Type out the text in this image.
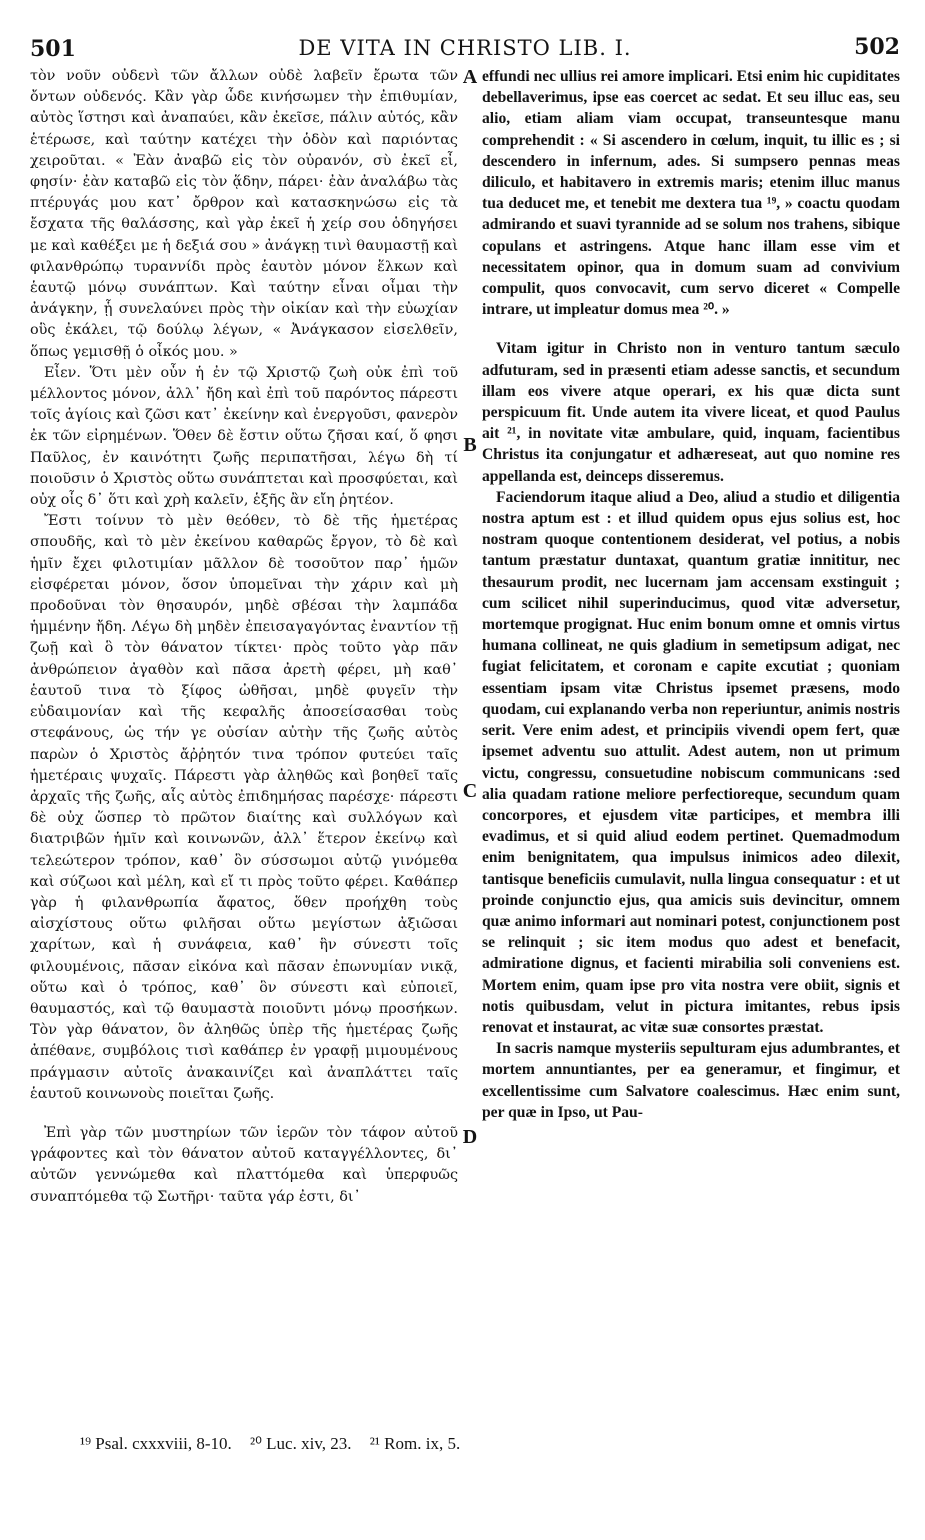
501	DE VITA IN CHRISTO LIB. I.	502

τὸν νοῦν οὐδενὶ τῶν ἄλλων οὐδὲ λαβεῖν ἔρωτα τῶν ὄντων οὐδενός. Κἂν γὰρ ὧδε κινήσωμεν τὴν ἐπιθυμίαν, αὐτὸς ἵστησι καὶ ἀναπαύει, κἂν ἐκεῖσε, πάλιν αὐτός, κἂν ἑτέρωσε, καὶ ταύτην κατέχει τὴν ὁδὸν καὶ παριόντας χειροῦται. « Ἐὰν ἀναβῶ εἰς τὸν οὐρανόν, σὺ ἐκεῖ εἶ, φησίν· ἐὰν καταβῶ εἰς τὸν ᾅδην, πάρει· ἐὰν ἀναλάβω τὰς πτέρυγάς μου κατ᾽ ὄρθρον καὶ κατασκηνώσω εἰς τὰ ἔσχατα τῆς θαλάσσης, καὶ γὰρ ἐκεῖ ἡ χείρ σου ὁδηγήσει με καὶ καθέξει με ἡ δεξιά σου » ἀνάγκῃ τινὶ θαυμαστῇ καὶ φιλανθρώπῳ τυραννίδι πρὸς ἑαυτὸν μόνον ἕλκων καὶ ἑαυτῷ μόνῳ συνάπτων. Καὶ ταύτην εἶναι οἶμαι τὴν ἀνάγκην, ᾗ συνελαύνει πρὸς τὴν οἰκίαν καὶ τὴν εὐωχίαν οὓς ἐκάλει, τῷ δούλῳ λέγων, « Ἀνάγκασον εἰσελθεῖν, ὅπως γεμισθῇ ὁ οἶκός μου. »

Εἶεν. Ὅτι μὲν οὖν ἡ ἐν τῷ Χριστῷ ζωὴ οὐκ ἐπὶ τοῦ μέλλοντος μόνον, ἀλλ᾽ ἤδη καὶ ἐπὶ τοῦ παρόντος πάρεστι τοῖς ἁγίοις καὶ ζῶσι κατ᾽ ἐκείνην καὶ ἐνεργοῦσι, φανερὸν ἐκ τῶν εἰρημένων. Ὅθεν δὲ ἔστιν οὕτω ζῆσαι καί, ὅ φησι Παῦλος, ἐν καινότητι ζωῆς περιπατῆσαι, λέγω δὴ τί ποιοῦσιν ὁ Χριστὸς οὕτω συνάπτεται καὶ προσφύεται, καὶ οὐχ οἷς δ᾽ ὅτι καὶ χρὴ καλεῖν, ἑξῆς ἂν εἴη ῥητέον.

Ἔστι τοίνυν τὸ μὲν θεόθεν, τὸ δὲ τῆς ἡμετέρας σπουδῆς, καὶ τὸ μὲν ἐκείνου καθαρῶς ἔργον, τὸ δὲ καὶ ἡμῖν ἔχει φιλοτιμίαν μᾶλλον δὲ τοσοῦτον παρ᾽ ἡμῶν εἰσφέρεται μόνον, ὅσον ὑπομεῖναι τὴν χάριν καὶ μὴ προδοῦναι τὸν θησαυρόν, μηδὲ σβέσαι τὴν λαμπάδα ἡμμένην ἤδη. Λέγω δὴ μηδὲν ἐπεισαγαγόντας ἐναντίον τῇ ζωῇ καὶ ὃ τὸν θάνατον τίκτει· πρὸς τοῦτο γὰρ πᾶν ἀνθρώπειον ἀγαθὸν καὶ πᾶσα ἀρετὴ φέρει, μὴ καθ᾽ ἑαυτοῦ τινα τὸ ξίφος ὠθῆσαι, μηδὲ φυγεῖν τὴν εὐδαιμονίαν καὶ τῆς κεφαλῆς ἀποσείσασθαι τοὺς στεφάνους, ὡς τήν γε οὐσίαν αὐτὴν τῆς ζωῆς αὐτὸς παρὼν ὁ Χριστὸς ἄῤῥητόν τινα τρόπον φυτεύει ταῖς ἡμετέραις ψυχαῖς. Πάρεστι γὰρ ἀληθῶς καὶ βοηθεῖ ταῖς ἀρχαῖς τῆς ζωῆς, αἷς αὐτὸς ἐπιδημήσας παρέσχε· πάρεστι δὲ οὐχ ὥσπερ τὸ πρῶτον διαίτης καὶ συλλόγων καὶ διατριβῶν ἡμῖν καὶ κοινωνῶν, ἀλλ᾽ ἕτερον ἐκείνῳ καὶ τελεώτερον τρόπον, καθ᾽ ὃν σύσσωμοι αὐτῷ γινόμεθα καὶ σύζωοι καὶ μέλη, καὶ εἴ τι πρὸς τοῦτο φέρει. Καθάπερ γὰρ ἡ φιλανθρωπία ἄφατος, ὅθεν προήχθη τοὺς αἰσχίστους οὕτω φιλῆσαι οὕτω μεγίστων ἀξιῶσαι χαρίτων, καὶ ἡ συνάφεια, καθ᾽ ἣν σύνεστι τοῖς φιλουμένοις, πᾶσαν εἰκόνα καὶ πᾶσαν ἐπωνυμίαν νικᾷ, οὕτω καὶ ὁ τρόπος, καθ᾽ ὃν σύνεστι καὶ εὐποιεῖ, θαυμαστός, καὶ τῷ θαυμαστὰ ποιοῦντι μόνῳ προσήκων. Τὸν γὰρ θάνατον, ὃν ἀληθῶς ὑπὲρ τῆς ἡμετέρας ζωῆς ἀπέθανε, συμβόλοις τισὶ καθάπερ ἐν γραφῇ μιμουμένους πράγμασιν αὐτοῖς ἀνακαινίζει καὶ ἀναπλάττει ταῖς ἑαυτοῦ κοινωνοὺς ποιεῖται ζωῆς.

Ἐπὶ γὰρ τῶν μυστηρίων τῶν ἱερῶν τὸν τάφον αὐτοῦ γράφοντες καὶ τὸν θάνατον αὐτοῦ καταγγέλλοντες, δι᾽ αὐτῶν γεννώμεθα καὶ πλαττόμεθα καὶ ὑπερφυῶς συναπτόμεθα τῷ Σωτῆρι· ταῦτα γάρ ἐστι, δι᾽

A
B
C
D

effundi nec ullius rei amore implicari. Etsi enim hic cupiditates debellaverimus, ipse eas coercet ac sedat. Et seu illuc eas, seu alio, etiam aliam viam occupat, transeuntesque manu comprehendit : « Si ascendero in cœlum, inquit, tu illic es ; si descendero in infernum, ades. Si sumpsero pennas meas diliculo, et habitavero in extremis maris; etenim illuc manus tua deducet me, et tenebit me dextera tua ¹⁹, » coactu quodam admirando et suavi tyrannide ad se solum nos trahens, sibique copulans et astringens. Atque hanc illam esse vim et necessitatem opinor, qua in domum suam ad convivium compulit, quos convocavit, cum servo diceret « Compelle intrare, ut impleatur domus mea ²⁰. »

Vitam igitur in Christo non in venturo tantum sæculo adfuturam, sed in præsenti etiam adesse sanctis, et secundum illam eos vivere atque operari, ex his quæ dicta sunt perspicuum fit. Unde autem ita vivere liceat, et quod Paulus ait ²¹, in novitate vitæ ambulare, quid, inquam, facientibus Christus ita conjungatur et adhæreseat, aut quo nomine res appellanda est, deinceps disseremus.

Faciendorum itaque aliud a Deo, aliud a studio et diligentia nostra aptum est : et illud quidem opus ejus solius est, hoc nostram quoque contentionem desiderat, vel potius, a nobis tantum præstatur duntaxat, quantum gratiæ innititur, nec thesaurum prodit, nec lucernam jam accensam exstinguit ; cum scilicet nihil superinducimus, quod vitæ adversetur, mortemque progignat. Huc enim bonum omne et omnis virtus humana collineat, ne quis gladium in semetipsum adigat, nec fugiat felicitatem, et coronam e capite excutiat ; quoniam essentiam ipsam vitæ Christus ipsemet præsens, modo quodam, cui explanando verba non reperiuntur, animis nostris serit. Vere enim adest, et principiis vivendi opem fert, quæ ipsemet adventu suo attulit. Adest autem, non ut primum victu, congressu, consuetudine nobiscum communicans :sed alia quadam ratione meliore perfectioreque, secundum quam concorpores, et ejusdem vitæ participes, et membra illi evadimus, et si quid aliud eodem pertinet. Quemadmodum enim benignitatem, qua impulsus inimicos adeo dilexit, tantisque beneficiis cumulavit, nulla lingua consequatur : et ut proinde conjunctio ejus, qua amicis suis devincitur, omnem quæ animo informari aut nominari potest, conjunctionem post se relinquit ; sic item modus quo adest et benefacit, admiratione dignus, et facienti mirabilia soli conveniens est. Mortem enim, quam ipse pro vita nostra vere obiit, signis et notis quibusdam, velut in pictura imitantes, rebus ipsis renovat et instaurat, ac vitæ suæ consortes præstat.

In sacris namque mysteriis sepulturam ejus adumbrantes, et mortem annuntiantes, per ea generamur, et fingimur, et excellentissime cum Salvatore coalescimus. Hæc enim sunt, per quæ in Ipso, ut Pau-

¹⁹ Psal. cxxxviii, 8-10. ²⁰ Luc. xiv, 23. ²¹ Rom. ix, 5.
